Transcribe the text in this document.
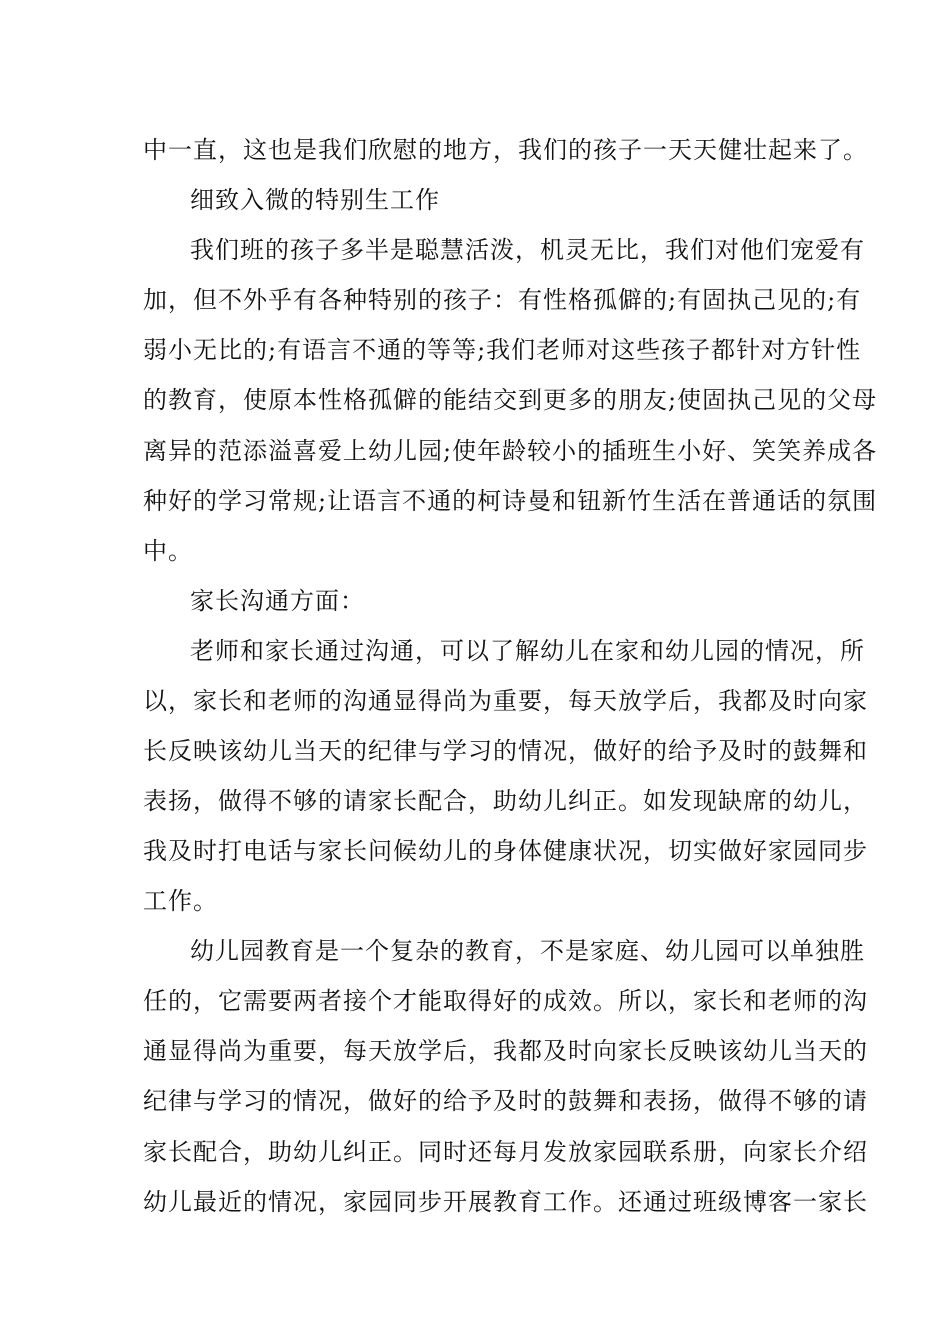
中一直，这也是我们欣慰的地方，我们的孩子一天天健壮起来了。
细致入微的特别生工作
我们班的孩子多半是聪慧活泼，机灵无比，我们对他们宠爱有
加，但不外乎有各种特别的孩子：有性格孤僻的;有固执己见的;有
弱小无比的;有语言不通的等等;我们老师对这些孩子都针对方针性
的教育，使原本性格孤僻的能结交到更多的朋友;使固执己见的父母
离异的范添溢喜爱上幼儿园;使年龄较小的插班生小好、笑笑养成各
种好的学习常规;让语言不通的柯诗曼和钮新竹生活在普通话的氛围
中。
家长沟通方面：
老师和家长通过沟通，可以了解幼儿在家和幼儿园的情况，所
以，家长和老师的沟通显得尚为重要，每天放学后，我都及时向家
长反映该幼儿当天的纪律与学习的情况，做好的给予及时的鼓舞和
表扬，做得不够的请家长配合，助幼儿纠正。如发现缺席的幼儿，
我及时打电话与家长问候幼儿的身体健康状况，切实做好家园同步
工作。
幼儿园教育是一个复杂的教育，不是家庭、幼儿园可以单独胜
任的，它需要两者接个才能取得好的成效。所以，家长和老师的沟
通显得尚为重要，每天放学后，我都及时向家长反映该幼儿当天的
纪律与学习的情况，做好的给予及时的鼓舞和表扬，做得不够的请
家长配合，助幼儿纠正。同时还每月发放家园联系册，向家长介绍
幼儿最近的情况，家园同步开展教育工作。还通过班级博客一家长
